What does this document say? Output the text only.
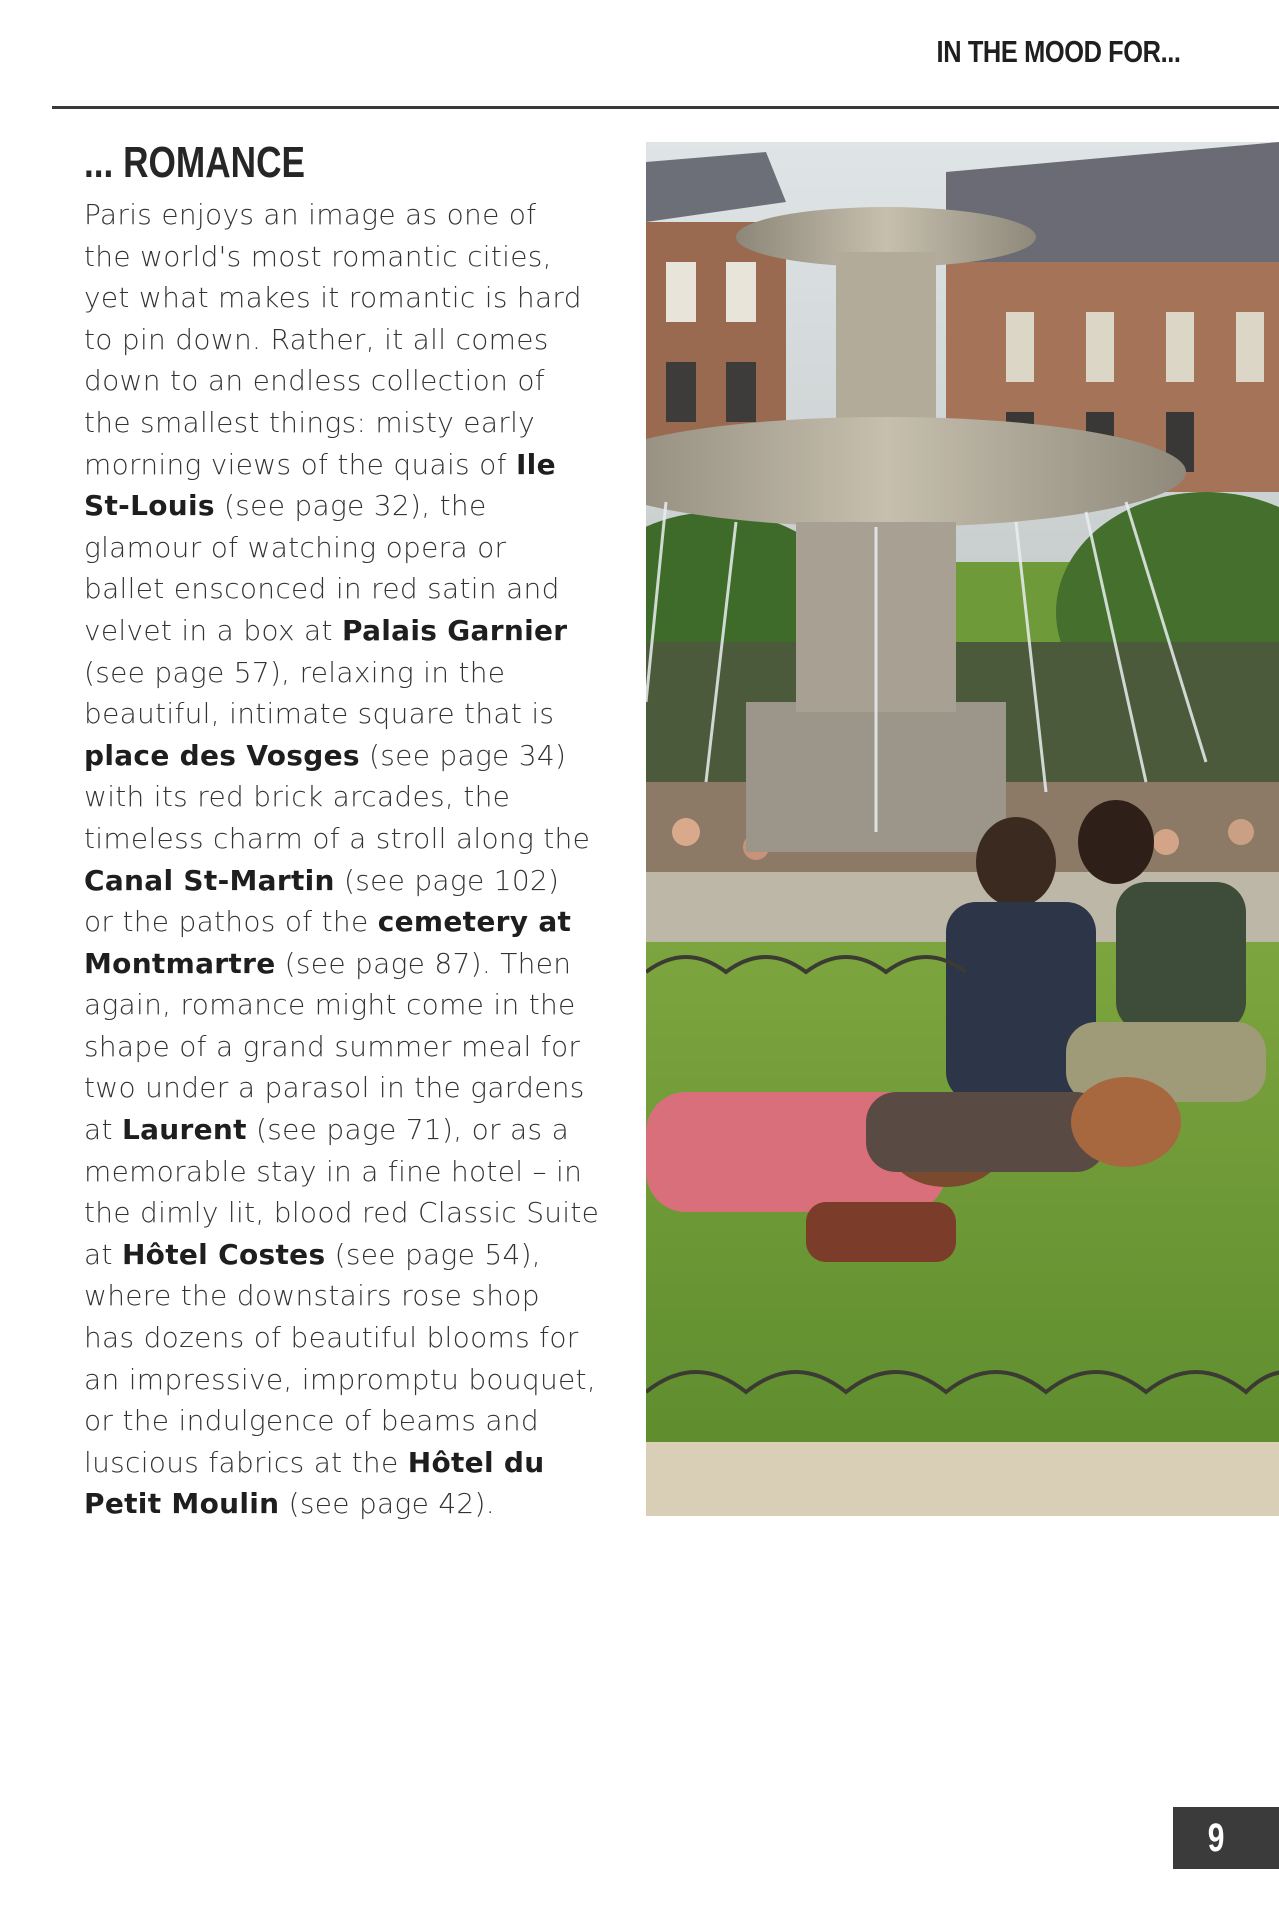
IN THE MOOD FOR...
... ROMANCE
Paris enjoys an image as one of
the world's most romantic cities,
yet what makes it romantic is hard
to pin down. Rather, it all comes
down to an endless collection of
the smallest things: misty early
morning views of the quais of Ile
St-Louis (see page 32), the
glamour of watching opera or
ballet ensconced in red satin and
velvet in a box at Palais Garnier
(see page 57), relaxing in the
beautiful, intimate square that is
place des Vosges (see page 34)
with its red brick arcades, the
timeless charm of a stroll along the
Canal St-Martin (see page 102)
or the pathos of the cemetery at
Montmartre (see page 87). Then
again, romance might come in the
shape of a grand summer meal for
two under a parasol in the gardens
at Laurent (see page 71), or as a
memorable stay in a fine hotel – in
the dimly lit, blood red Classic Suite
at Hôtel Costes (see page 54),
where the downstairs rose shop
has dozens of beautiful blooms for
an impressive, impromptu bouquet,
or the indulgence of beams and
luscious fabrics at the Hôtel du
Petit Moulin (see page 42).
9
